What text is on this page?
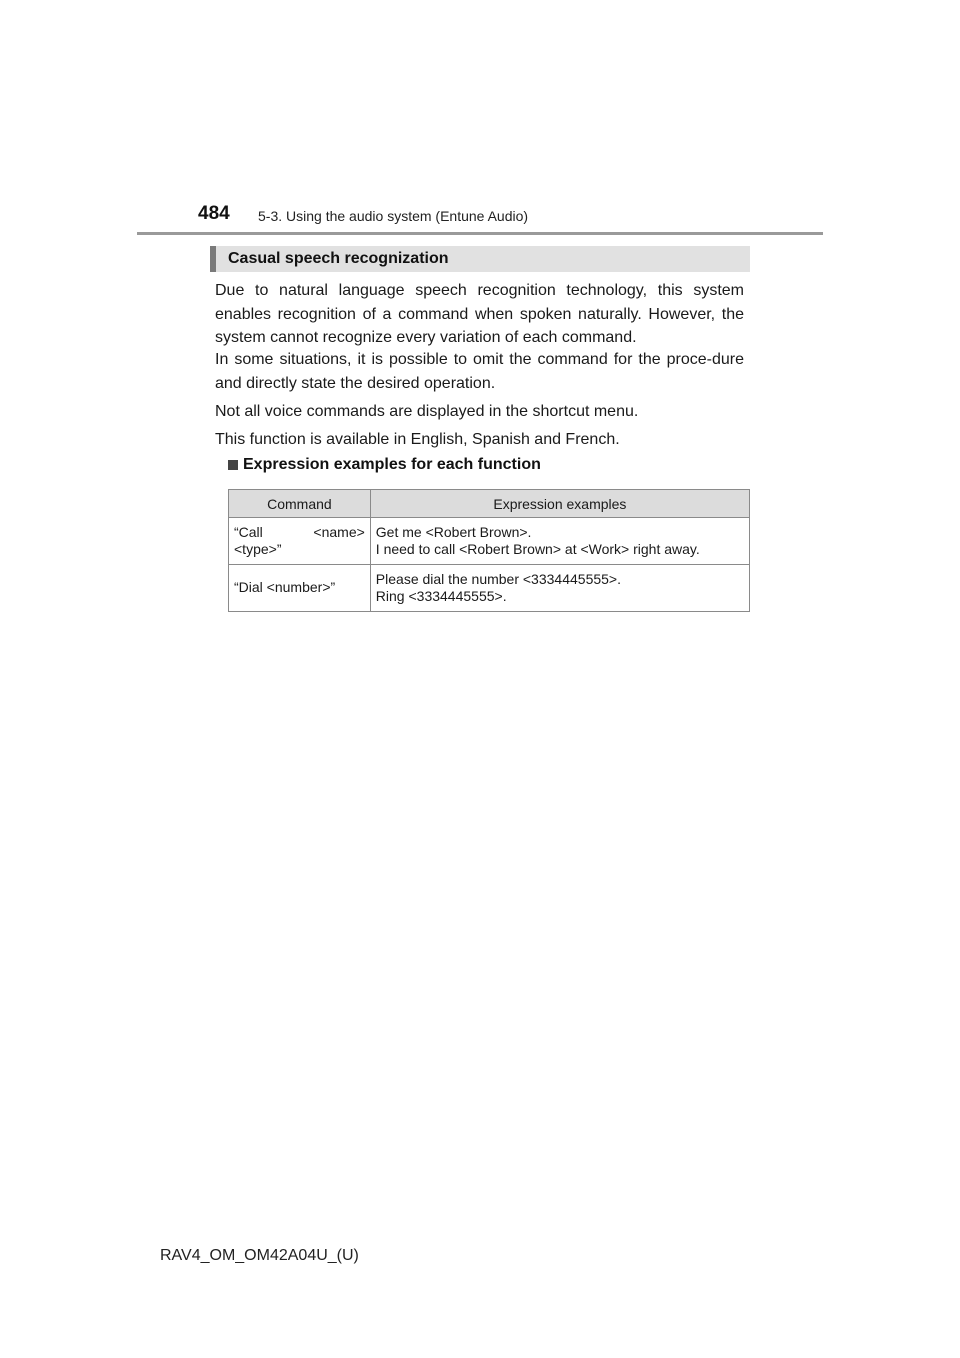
484 5-3. Using the audio system (Entune Audio)
Casual speech recognization

Due to natural language speech recognition technology, this system enables recognition of a command when spoken naturally. However, the system cannot recognize every variation of each command.

In some situations, it is possible to omit the command for the proce-dure and directly state the desired operation.

Not all voice commands are displayed in the shortcut menu.

This function is available in English, Spanish and French.

Expression examples for each function
Command	Expression examples
“Call <name> <type>”	Get me <Robert Brown>.
I need to call <Robert Brown> at <Work> right away.

“Dial <number>”	Please dial the number <3334445555>.
Ring <3334445555>.
RAV4_OM_OM42A04U_(U)
